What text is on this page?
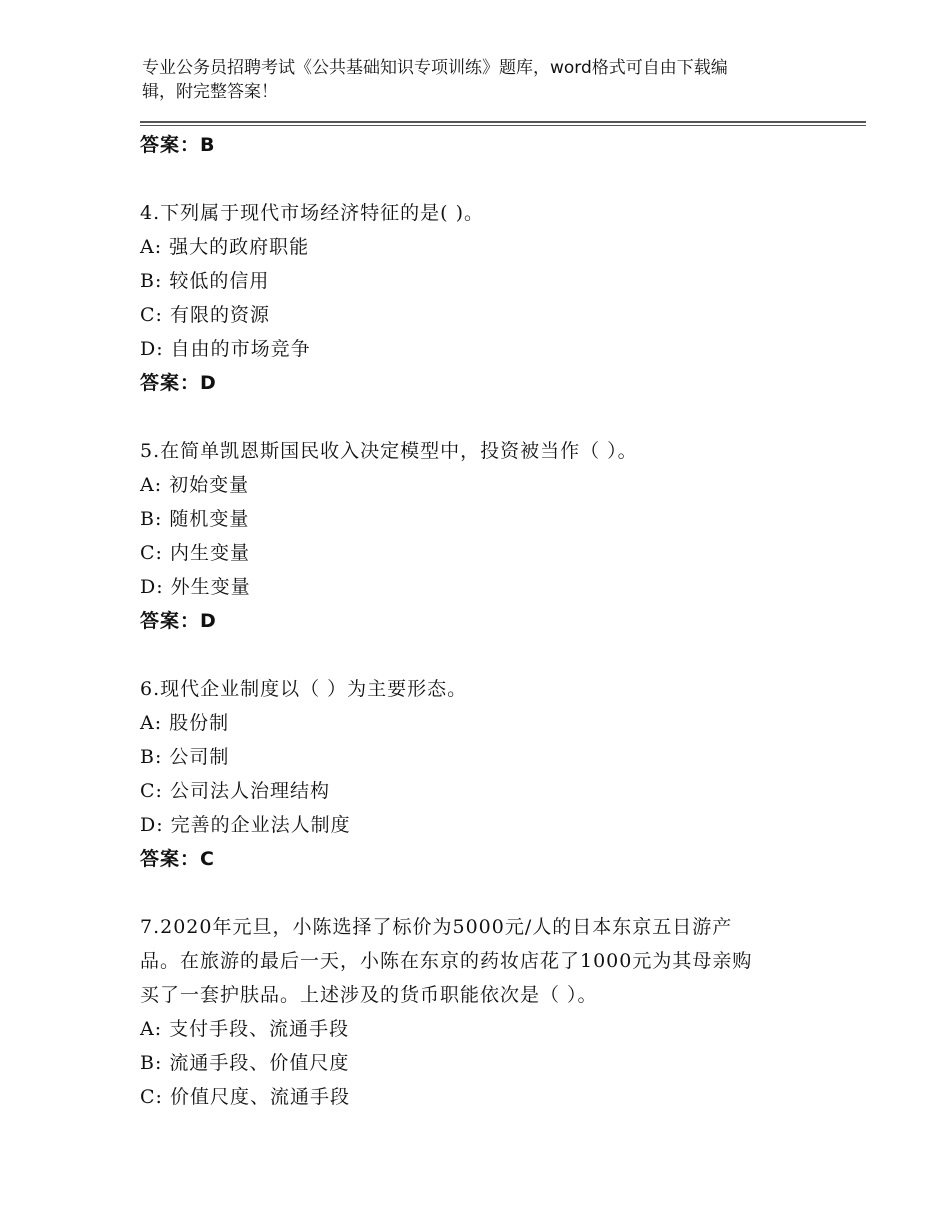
专业公务员招聘考试《公共基础知识专项训练》题库，word格式可自由下载编
辑，附完整答案！
答案：B
4.下列属于现代市场经济特征的是( )。
A: 强大的政府职能
B: 较低的信用
C: 有限的资源
D: 自由的市场竞争
答案：D
5.在简单凯恩斯国民收入决定模型中，投资被当作（ ）。
A: 初始变量
B: 随机变量
C: 内生变量
D: 外生变量
答案：D
6.现代企业制度以（ ）为主要形态。
A: 股份制
B: 公司制
C: 公司法人治理结构
D: 完善的企业法人制度
答案：C
7.2020年元旦，小陈选择了标价为5000元/人的日本东京五日游产
品。在旅游的最后一天，小陈在东京的药妆店花了1000元为其母亲购
买了一套护肤品。上述涉及的货币职能依次是（ ）。
A: 支付手段、流通手段
B: 流通手段、价值尺度
C: 价值尺度、流通手段
